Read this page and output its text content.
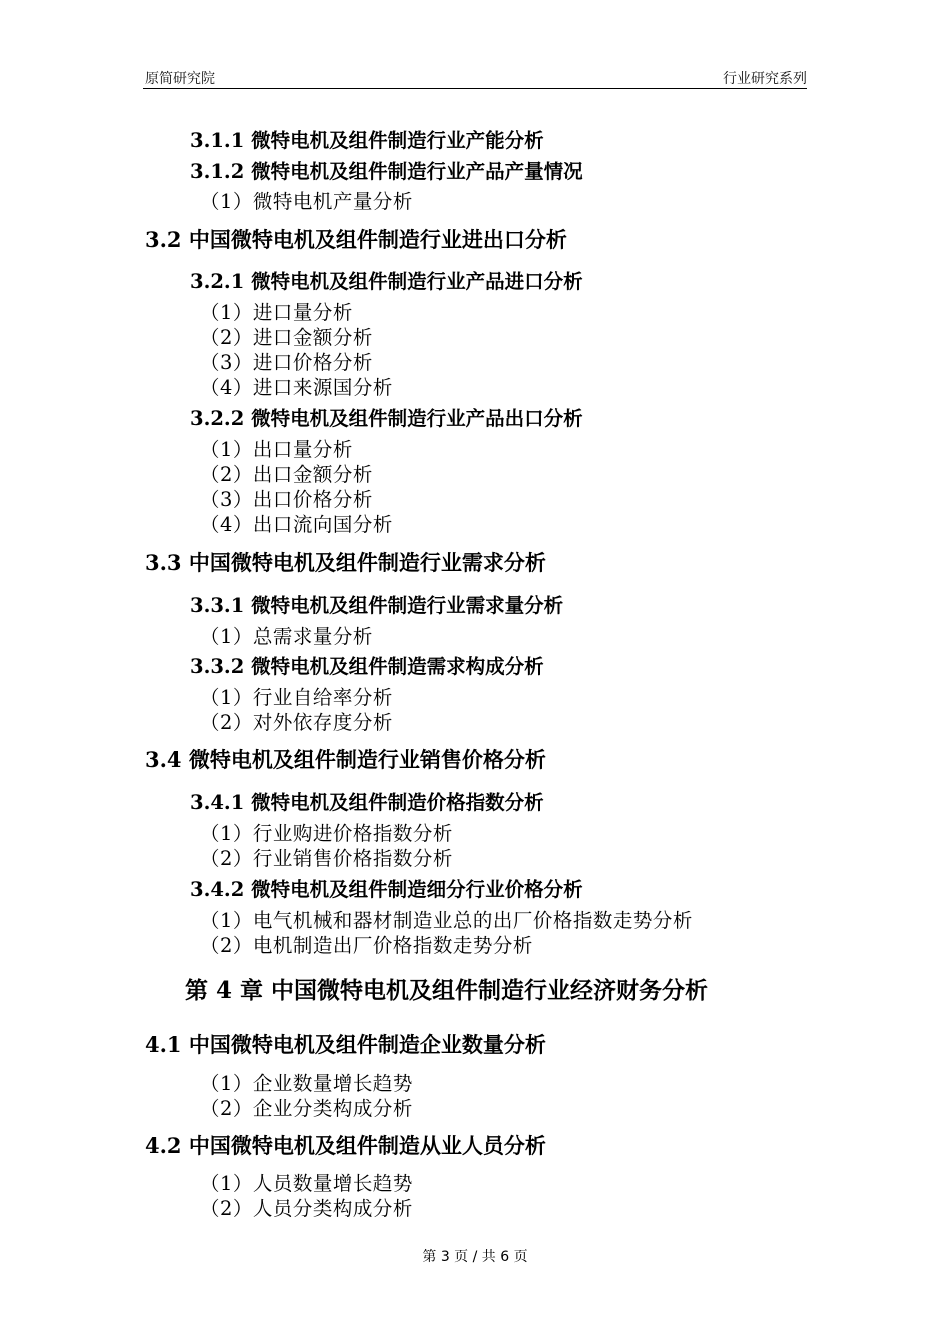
原简研究院	行业研究系列
3.1.1 微特电机及组件制造行业产能分析
3.1.2 微特电机及组件制造行业产品产量情况
（1）微特电机产量分析
3.2 中国微特电机及组件制造行业进出口分析
3.2.1 微特电机及组件制造行业产品进口分析
（1）进口量分析
（2）进口金额分析
（3）进口价格分析
（4）进口来源国分析
3.2.2 微特电机及组件制造行业产品出口分析
（1）出口量分析
（2）出口金额分析
（3）出口价格分析
（4）出口流向国分析
3.3 中国微特电机及组件制造行业需求分析
3.3.1 微特电机及组件制造行业需求量分析
（1）总需求量分析
3.3.2 微特电机及组件制造需求构成分析
（1）行业自给率分析
（2）对外依存度分析
3.4 微特电机及组件制造行业销售价格分析
3.4.1 微特电机及组件制造价格指数分析
（1）行业购进价格指数分析
（2）行业销售价格指数分析
3.4.2 微特电机及组件制造细分行业价格分析
（1）电气机械和器材制造业总的出厂价格指数走势分析
（2）电机制造出厂价格指数走势分析
第 4 章 中国微特电机及组件制造行业经济财务分析
4.1 中国微特电机及组件制造企业数量分析
（1）企业数量增长趋势
（2）企业分类构成分析
4.2 中国微特电机及组件制造从业人员分析
（1）人员数量增长趋势
（2）人员分类构成分析
第 3 页 / 共 6 页
